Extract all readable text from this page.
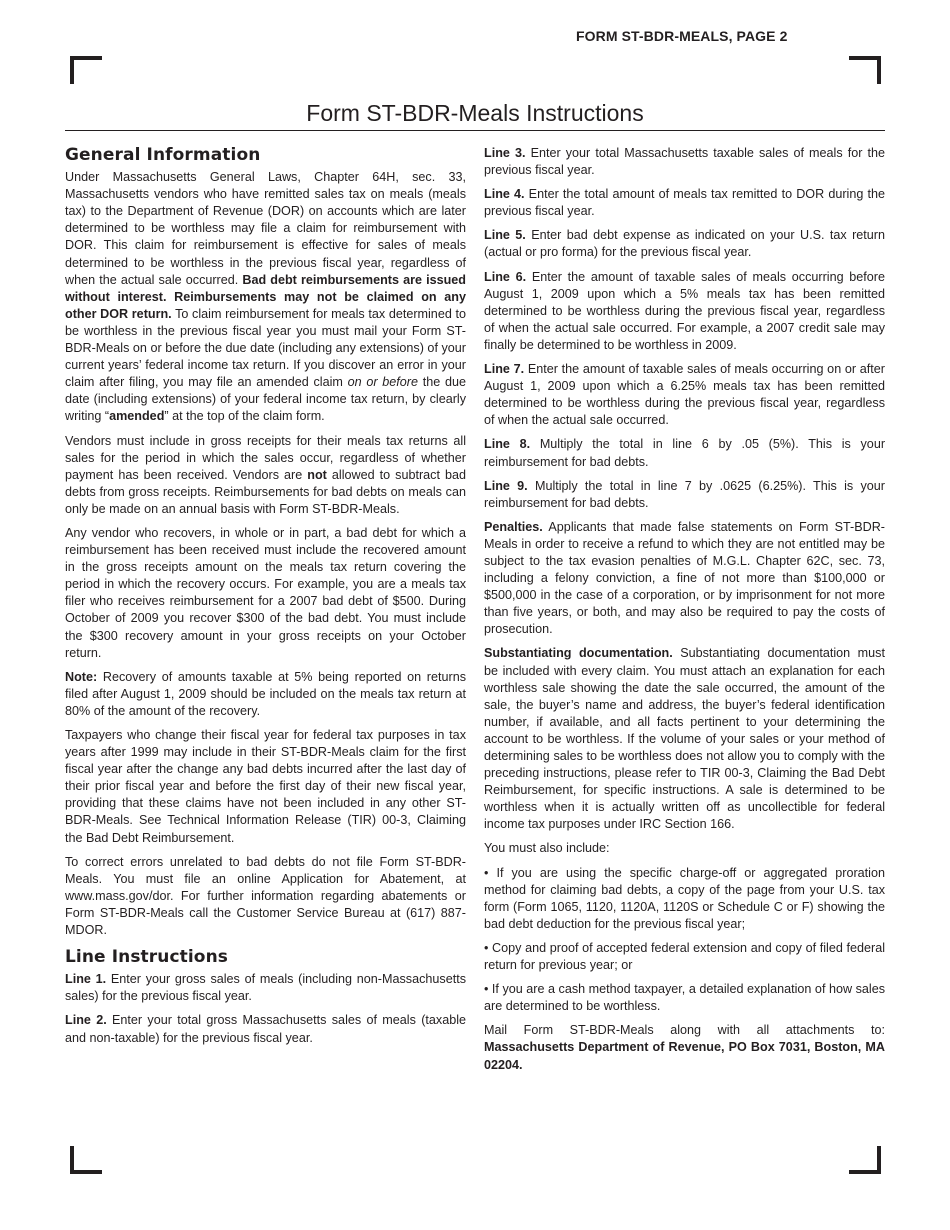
FORM ST-BDR-MEALS, PAGE 2
Form ST-BDR-Meals Instructions
General Information

Under Massachusetts General Laws, Chapter 64H, sec. 33, Massachusetts vendors who have remitted sales tax on meals (meals tax) to the Department of Revenue (DOR) on accounts which are later determined to be worthless may file a claim for reimbursement with DOR. This claim for reimbursement is effective for sales of meals determined to be worthless in the previous fiscal year, regardless of when the actual sale occurred. Bad debt reimbursements are issued without interest. Reimbursements may not be claimed on any other DOR return. To claim reimbursement for meals tax determined to be worthless in the previous fiscal year you must mail your Form ST-BDR-Meals on or before the due date (including any extensions) of your current years’ federal income tax return. If you discover an error in your claim after filing, you may file an amended claim on or before the due date (including extensions) of your federal income tax return, by clearly writing “amended” at the top of the claim form.

Vendors must include in gross receipts for their meals tax returns all sales for the period in which the sales occur, regardless of whether payment has been received. Vendors are not allowed to subtract bad debts from gross receipts. Reimbursements for bad debts on meals can only be made on an annual basis with Form ST-BDR-Meals.

Any vendor who recovers, in whole or in part, a bad debt for which a reimbursement has been received must include the recovered amount in the gross receipts amount on the meals tax return covering the period in which the recovery occurs. For example, you are a meals tax filer who receives reimbursement for a 2007 bad debt of $500. During October of 2009 you recover $300 of the bad debt. You must include the $300 recovery amount in your gross receipts on your October return.

Note: Recovery of amounts taxable at 5% being reported on returns filed after August 1, 2009 should be included on the meals tax return at 80% of the amount of the recovery.

Taxpayers who change their fiscal year for federal tax purposes in tax years after 1999 may include in their ST-BDR-Meals claim for the first fiscal year after the change any bad debts incurred after the last day of their prior fiscal year and before the first day of their new fiscal year, providing that these claims have not been included in any other ST-BDR-Meals. See Technical Information Release (TIR) 00-3, Claiming the Bad Debt Reimbursement.

To correct errors unrelated to bad debts do not file Form ST-BDR-Meals. You must file an online Application for Abatement, at www.mass.gov/dor. For further information regarding abatements or Form ST-BDR-Meals call the Customer Service Bureau at (617) 887-MDOR.

Line Instructions

Line 1. Enter your gross sales of meals (including non-Massachusetts sales) for the previous fiscal year.

Line 2. Enter your total gross Massachusetts sales of meals (taxable and non-taxable) for the previous fiscal year.

Line 3. Enter your total Massachusetts taxable sales of meals for the previous fiscal year.

Line 4. Enter the total amount of meals tax remitted to DOR during the previous fiscal year.

Line 5. Enter bad debt expense as indicated on your U.S. tax return (actual or pro forma) for the previous fiscal year.

Line 6. Enter the amount of taxable sales of meals occurring before August 1, 2009 upon which a 5% meals tax has been remitted determined to be worthless during the previous fiscal year, regardless of when the actual sale occurred. For example, a 2007 credit sale may finally be determined to be worthless in 2009.

Line 7. Enter the amount of taxable sales of meals occurring on or after August 1, 2009 upon which a 6.25% meals tax has been remitted determined to be worthless during the previous fiscal year, regardless of when the actual sale occurred.

Line 8. Multiply the total in line 6 by .05 (5%). This is your reimbursement for bad debts.

Line 9. Multiply the total in line 7 by .0625 (6.25%). This is your reimbursement for bad debts.

Penalties. Applicants that made false statements on Form ST-BDR-Meals in order to receive a refund to which they are not entitled may be subject to the tax evasion penalties of M.G.L. Chapter 62C, sec. 73, including a felony conviction, a fine of not more than $100,000 or $500,000 in the case of a corporation, or by imprisonment for not more than five years, or both, and may also be required to pay the costs of prosecution.

Substantiating documentation. Substantiating documentation must be included with every claim. You must attach an explanation for each worthless sale showing the date the sale occurred, the amount of the sale, the buyer’s name and address, the buyer’s federal identification number, if available, and all facts pertinent to your determining the account to be worthless. If the volume of your sales or your method of determining sales to be worthless does not allow you to comply with the preceding instructions, please refer to TIR 00-3, Claiming the Bad Debt Reimbursement, for specific instructions. A sale is determined to be worthless when it is actually written off as uncollectible for federal income tax purposes under IRC Section 166.

You must also include:

• If you are using the specific charge-off or aggregated proration method for claiming bad debts, a copy of the page from your U.S. tax form (Form 1065, 1120, 1120A, 1120S or Schedule C or F) showing the bad debt deduction for the previous fiscal year;

• Copy and proof of accepted federal extension and copy of filed federal return for previous year; or

• If you are a cash method taxpayer, a detailed explanation of how sales are determined to be worthless.

Mail Form ST-BDR-Meals along with all attachments to: Massachusetts Department of Revenue, PO Box 7031, Boston, MA 02204.
